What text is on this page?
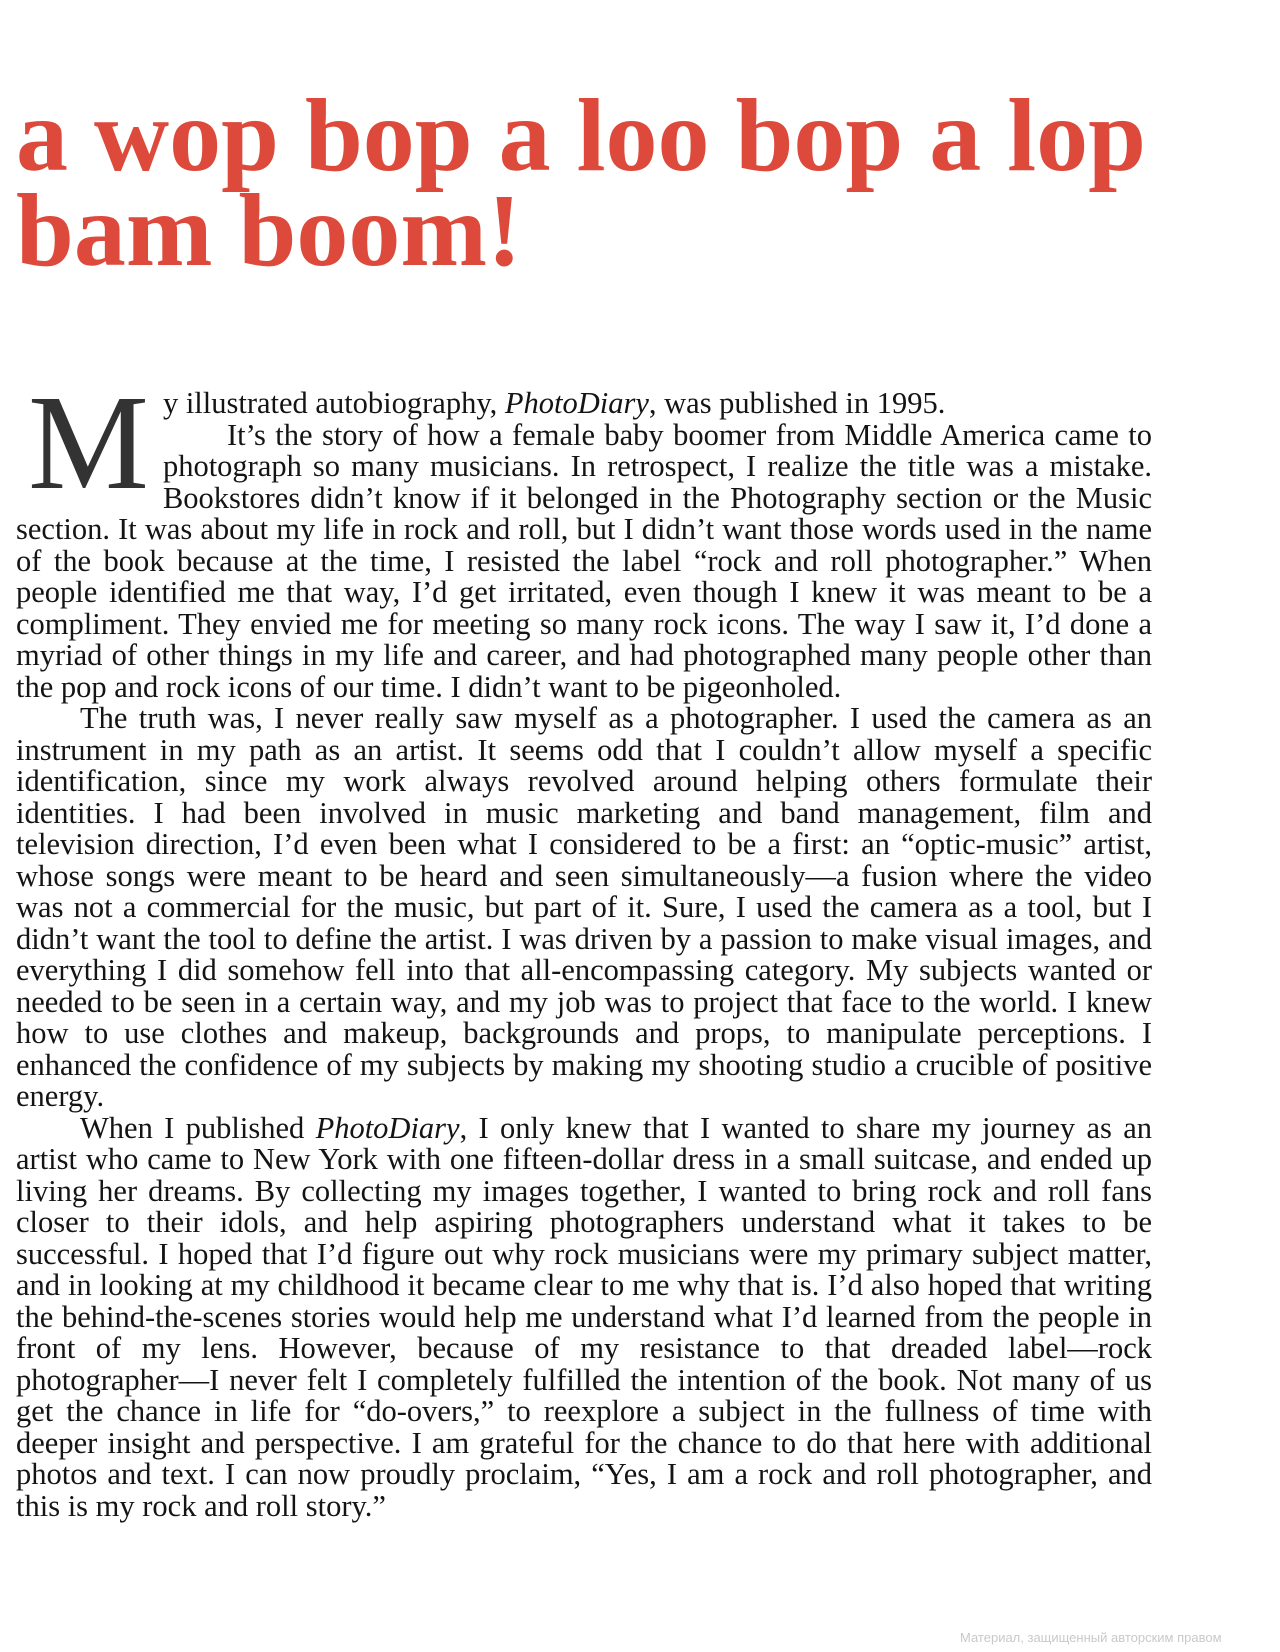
a wop bop a loo bop a lop bam boom!

My illustrated autobiography, PhotoDiary, was published in 1995.
It’s the story of how a female baby boomer from Middle America came to photograph so many musicians. In retrospect, I realize the title was a mistake. Bookstores didn’t know if it belonged in the Photography section or the Music section. It was about my life in rock and roll, but I didn’t want those words used in the name of the book because at the time, I resisted the label “rock and roll photographer.” When people identified me that way, I’d get irritated, even though I knew it was meant to be a compliment. They envied me for meeting so many rock icons. The way I saw it, I’d done a myriad of other things in my life and career, and had photographed many people other than the pop and rock icons of our time. I didn’t want to be pigeonholed.

The truth was, I never really saw myself as a photographer. I used the camera as an instrument in my path as an artist. It seems odd that I couldn’t allow myself a specific identification, since my work always revolved around helping others formulate their identities. I had been involved in music marketing and band management, film and television direction, I’d even been what I considered to be a first: an “optic-music” artist, whose songs were meant to be heard and seen simultaneously—a fusion where the video was not a commercial for the music, but part of it. Sure, I used the camera as a tool, but I didn’t want the tool to define the artist. I was driven by a passion to make visual images, and everything I did somehow fell into that all-encompassing category. My subjects wanted or needed to be seen in a certain way, and my job was to project that face to the world. I knew how to use clothes and makeup, backgrounds and props, to manipulate perceptions. I enhanced the confidence of my subjects by making my shooting studio a crucible of positive energy.

When I published PhotoDiary, I only knew that I wanted to share my journey as an artist who came to New York with one fifteen-dollar dress in a small suitcase, and ended up living her dreams. By collecting my images together, I wanted to bring rock and roll fans closer to their idols, and help aspiring photographers understand what it takes to be successful. I hoped that I’d figure out why rock musicians were my primary subject matter, and in looking at my childhood it became clear to me why that is. I’d also hoped that writing the behind-the-scenes stories would help me understand what I’d learned from the people in front of my lens. However, because of my resistance to that dreaded label—rock photographer—I never felt I completely fulfilled the intention of the book. Not many of us get the chance in life for “do-overs,” to reexplore a subject in the fullness of time with deeper insight and perspective. I am grateful for the chance to do that here with additional photos and text. I can now proudly proclaim, “Yes, I am a rock and roll photographer, and this is my rock and roll story.”

Материал, защищенный авторским правом
